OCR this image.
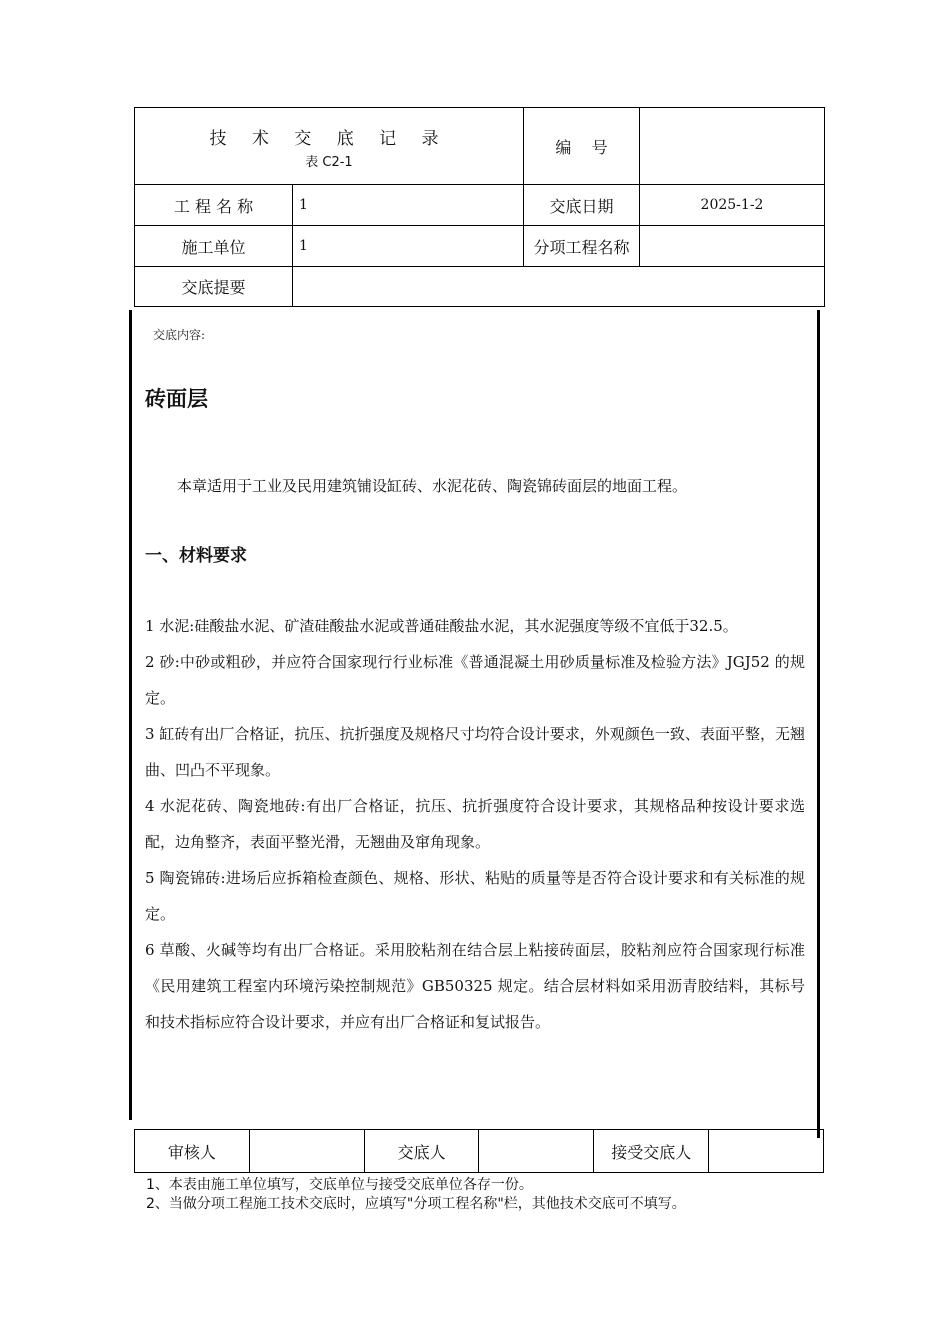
技 术 交 底 记 录
表 C2-1		编    号	
工 程 名 称	1	交底日期	2025-1-2
施工单位	1	分项工程名称	
交底提要			
交底内容:
砖面层

本章适用于工业及民用建筑铺设缸砖、水泥花砖、陶瓷锦砖面层的地面工程。

一、材料要求

1 水泥:硅酸盐水泥、矿渣硅酸盐水泥或普通硅酸盐水泥，其水泥强度等级不宜低于32.5。

2 砂:中砂或粗砂，并应符合国家现行行业标准《普通混凝土用砂质量标准及检验方法》JGJ52 的规定。

3 缸砖有出厂合格证，抗压、抗折强度及规格尺寸均符合设计要求，外观颜色一致、表面平整，无翘曲、凹凸不平现象。

4 水泥花砖、陶瓷地砖:有出厂合格证，抗压、抗折强度符合设计要求，其规格品种按设计要求选配，边角整齐，表面平整光滑，无翘曲及窜角现象。

5 陶瓷锦砖:进场后应拆箱检查颜色、规格、形状、粘贴的质量等是否符合设计要求和有关标准的规定。

6 草酸、火碱等均有出厂合格证。采用胶粘剂在结合层上粘接砖面层，胶粘剂应符合国家现行标准《民用建筑工程室内环境污染控制规范》GB50325 规定。结合层材料如采用沥青胶结料，其标号和技术指标应符合设计要求，并应有出厂合格证和复试报告。

审核人		交底人		接受交底人	
1、本表由施工单位填写，交底单位与接受交底单位各存一份。
2、当做分项工程施工技术交底时，应填写"分项工程名称"栏，其他技术交底可不填写。
